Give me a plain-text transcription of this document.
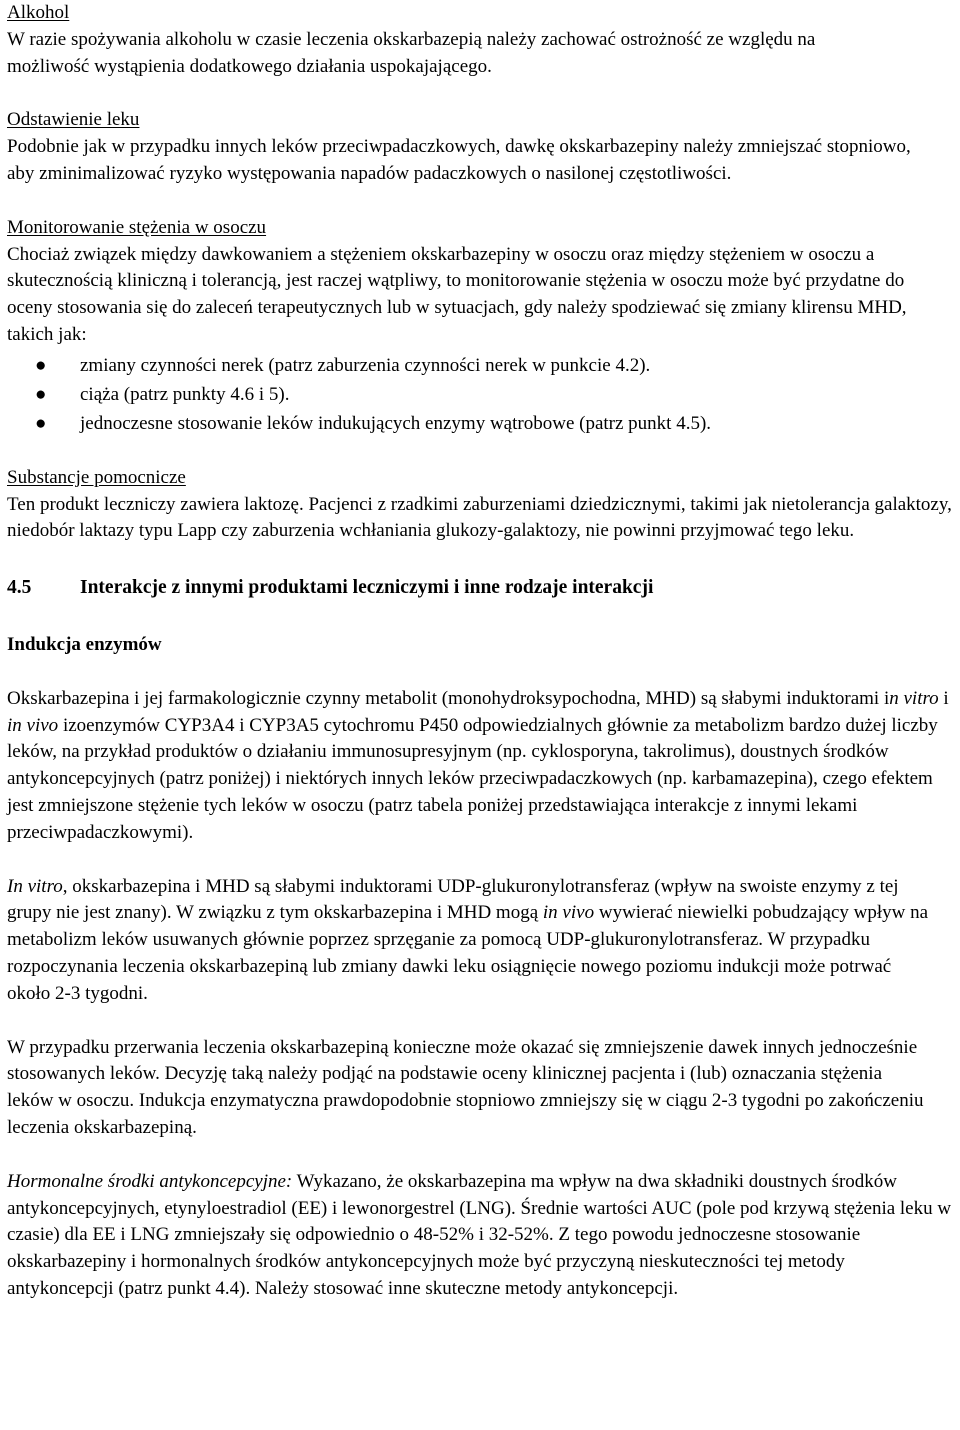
Alkohol

W razie spożywania alkoholu w czasie leczenia okskarbazepią należy zachować ostrożność ze względu na możliwość wystąpienia dodatkowego działania uspokajającego.

Odstawienie leku

Podobnie jak w przypadku innych leków przeciwpadaczkowych, dawkę okskarbazepiny należy zmniejszać stopniowo, aby zminimalizować ryzyko występowania napadów padaczkowych o nasilonej częstotliwości.

Monitorowanie stężenia w osoczu

Chociaż związek między dawkowaniem a stężeniem okskarbazepiny w osoczu oraz między stężeniem w osoczu a skutecznością kliniczną i tolerancją, jest raczej wątpliwy, to monitorowanie stężenia w osoczu może być przydatne do oceny stosowania się do zaleceń terapeutycznych lub w sytuacjach, gdy należy spodziewać się zmiany klirensu MHD, takich jak:

● zmiany czynności nerek (patrz zaburzenia czynności nerek w punkcie 4.2).
● ciąża (patrz punkty 4.6 i 5).
● jednoczesne stosowanie leków indukujących enzymy wątrobowe (patrz punkt 4.5).
Substancje pomocnicze

Ten produkt leczniczy zawiera laktozę. Pacjenci z rzadkimi zaburzeniami dziedzicznymi, takimi jak nietolerancja galaktozy, niedobór laktazy typu Lapp czy zaburzenia wchłaniania glukozy-galaktozy, nie powinni przyjmować tego leku.

4.5 Interakcje z innymi produktami leczniczymi i inne rodzaje interakcji
Indukcja enzymów

Okskarbazepina i jej farmakologicznie czynny metabolit (monohydroksypochodna, MHD) są słabymi induktorami in vitro i in vivo izoenzymów CYP3A4 i CYP3A5 cytochromu P450 odpowiedzialnych głównie za metabolizm bardzo dużej liczby leków, na przykład produktów o działaniu immunosupresyjnym (np. cyklosporyna, takrolimus), doustnych środków antykoncepcyjnych (patrz poniżej) i niektórych innych leków przeciwpadaczkowych (np. karbamazepina), czego efektem jest zmniejszone stężenie tych leków w osoczu (patrz tabela poniżej przedstawiająca interakcje z innymi lekami przeciwpadaczkowymi).

In vitro, okskarbazepina i MHD są słabymi induktorami UDP-glukuronylotransferaz (wpływ na swoiste enzymy z tej grupy nie jest znany). W związku z tym okskarbazepina i MHD mogą in vivo wywierać niewielki pobudzający wpływ na metabolizm leków usuwanych głównie poprzez sprzęganie za pomocą UDP-glukuronylotransferaz. W przypadku rozpoczynania leczenia okskarbazepiną lub zmiany dawki leku osiągnięcie nowego poziomu indukcji może potrwać około 2-3 tygodni.

W przypadku przerwania leczenia okskarbazepiną konieczne może okazać się zmniejszenie dawek innych jednocześnie stosowanych leków. Decyzję taką należy podjąć na podstawie oceny klinicznej pacjenta i (lub) oznaczania stężenia leków w osoczu. Indukcja enzymatyczna prawdopodobnie stopniowo zmniejszy się w ciągu 2-3 tygodni po zakończeniu leczenia okskarbazepiną.

Hormonalne środki antykoncepcyjne: Wykazano, że okskarbazepina ma wpływ na dwa składniki doustnych środków antykoncepcyjnych, etynyloestradiol (EE) i lewonorgestrel (LNG). Średnie wartości AUC (pole pod krzywą stężenia leku w czasie) dla EE i LNG zmniejszały się odpowiednio o 48-52% i 32-52%. Z tego powodu jednoczesne stosowanie okskarbazepiny i hormonalnych środków antykoncepcyjnych może być przyczyną nieskuteczności tej metody antykoncepcji (patrz punkt 4.4). Należy stosować inne skuteczne metody antykoncepcji.
